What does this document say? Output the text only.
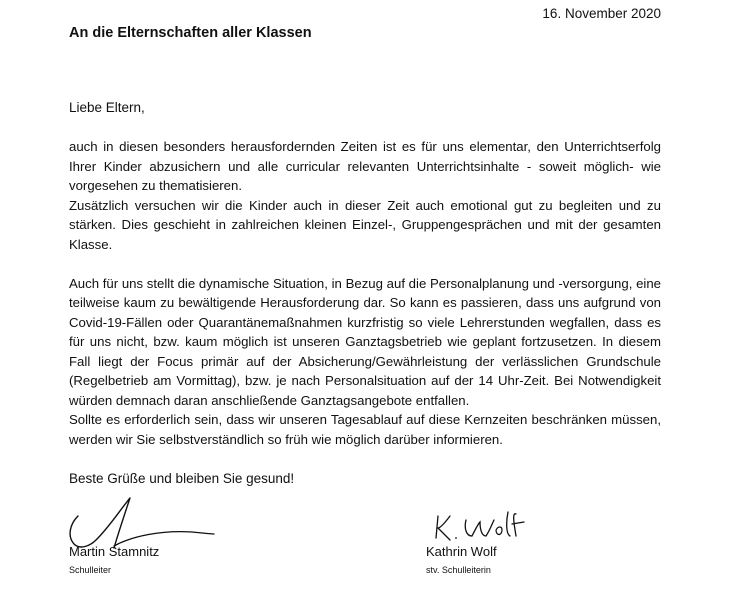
16. November 2020
An die Elternschaften aller Klassen
Liebe Eltern,

auch in diesen besonders herausfordernden Zeiten ist es für uns elementar, den Unterrichtserfolg Ihrer Kinder abzusichern und alle curricular relevanten Unterrichtsinhalte - soweit möglich- wie vorgesehen zu thematisieren.

Zusätzlich versuchen wir die Kinder auch in dieser Zeit auch emotional gut zu begleiten und zu stärken. Dies geschieht in zahlreichen kleinen Einzel-, Gruppengesprächen und mit der gesamten Klasse.

Auch für uns stellt die dynamische Situation, in Bezug auf die Personalplanung und -versorgung, eine teilweise kaum zu bewältigende Herausforderung dar. So kann es passieren, dass uns aufgrund von Covid-19-Fällen oder Quarantänemaßnahmen kurzfristig so viele Lehrerstunden wegfallen, dass es für uns nicht, bzw. kaum möglich ist unseren Ganztagsbetrieb wie geplant fortzusetzen. In diesem Fall liegt der Focus primär auf der Absicherung/Gewährleistung der verlässlichen Grundschule (Regelbetrieb am Vormittag), bzw. je nach Personalsituation auf der 14 Uhr-Zeit. Bei Notwendigkeit würden demnach daran anschließende Ganztagsangebote entfallen.

Sollte es erforderlich sein, dass wir unseren Tagesablauf auf diese Kernzeiten beschränken müssen, werden wir Sie selbstverständlich so früh wie möglich darüber informieren.

Beste Grüße und bleiben Sie gesund!
Martin Stamnitz
Schulleiter
Kathrin Wolf
stv. Schulleiterin
